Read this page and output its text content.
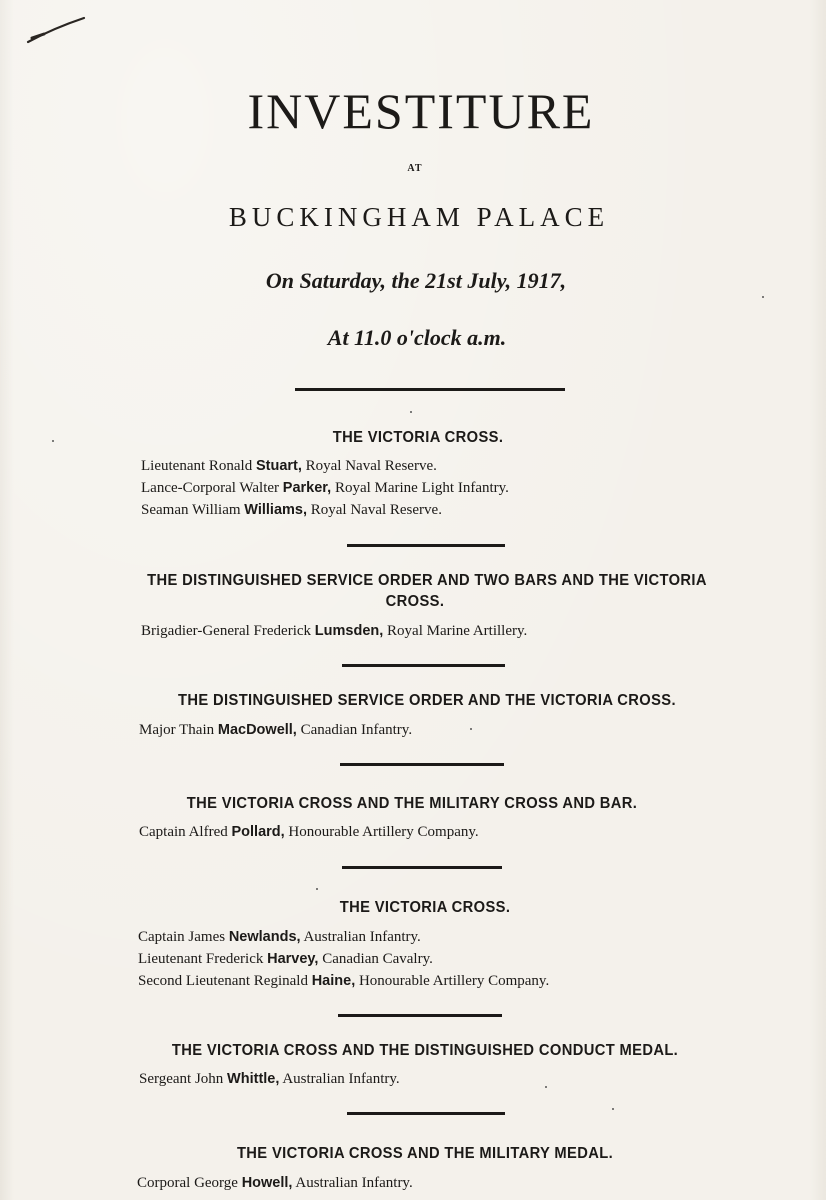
INVESTITURE
AT
BUCKINGHAM PALACE
On Saturday, the 21st July, 1917,
At 11.0 o'clock a.m.
THE VICTORIA CROSS.
Lieutenant Ronald Stuart, Royal Naval Reserve.
Lance-Corporal Walter Parker, Royal Marine Light Infantry.
Seaman William Williams, Royal Naval Reserve.
THE DISTINGUISHED SERVICE ORDER AND TWO BARS AND THE VICTORIA
CROSS.
Brigadier-General Frederick Lumsden, Royal Marine Artillery.
THE DISTINGUISHED SERVICE ORDER AND THE VICTORIA CROSS.
Major Thain MacDowell, Canadian Infantry.
THE VICTORIA CROSS AND THE MILITARY CROSS AND BAR.
Captain Alfred Pollard, Honourable Artillery Company.
THE VICTORIA CROSS.
Captain James Newlands, Australian Infantry.
Lieutenant Frederick Harvey, Canadian Cavalry.
Second Lieutenant Reginald Haine, Honourable Artillery Company.
THE VICTORIA CROSS AND THE DISTINGUISHED CONDUCT MEDAL.
Sergeant John Whittle, Australian Infantry.
THE VICTORIA CROSS AND THE MILITARY MEDAL.
Corporal George Howell, Australian Infantry.
